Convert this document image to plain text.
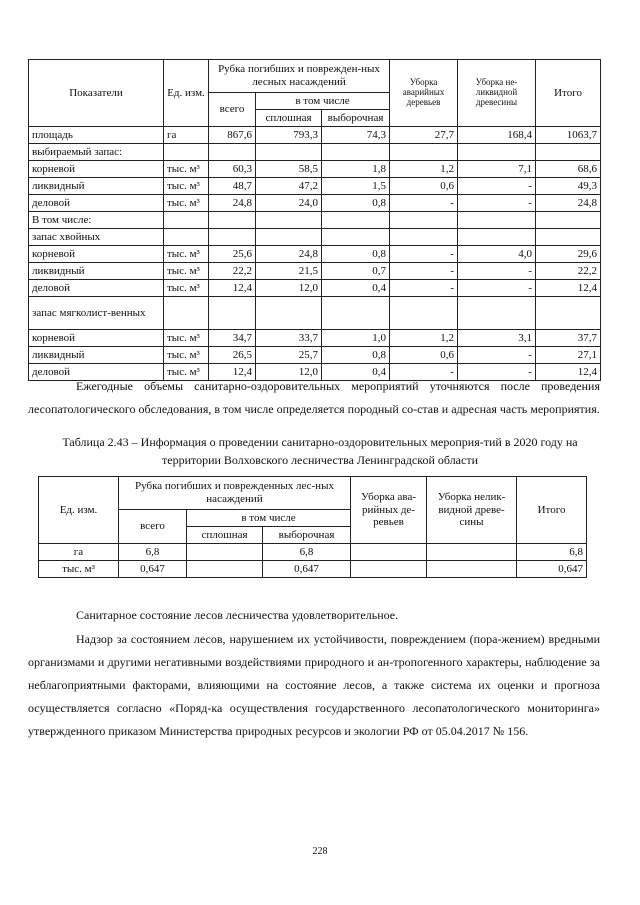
Показатели	Ед. изм.	Рубка погибших и поврежден-ных лесных насаждений			Уборка аварийных деревьев	Уборка не-ликвидной древесины	Итого
		всего	в том числе				
			сплошная	выборочная			
площадь	га	867,6	793,3	74,3	27,7	168,4	1063,7
выбираемый запас:							
корневой	тыс. м³	60,3	58,5	1,8	1,2	7,1	68,6
ликвидный	тыс. м³	48,7	47,2	1,5	0,6	-	49,3
деловой	тыс. м³	24,8	24,0	0,8	-	-	24,8
В том числе:							
запас хвойных							
корневой	тыс. м³	25,6	24,8	0,8	-	4,0	29,6
ликвидный	тыс. м³	22,2	21,5	0,7	-	-	22,2
деловой	тыс. м³	12,4	12,0	0,4	-	-	12,4
запас мягколист-венных							
корневой	тыс. м³	34,7	33,7	1,0	1,2	3,1	37,7
ликвидный	тыс. м³	26,5	25,7	0,8	0,6	-	27,1
деловой	тыс. м³	12,4	12,0	0,4	-	-	12,4

Ежегодные объемы санитарно-оздоровительных мероприятий уточняются после проведения лесопатологического обследования, в том числе определяется породный со-став и адресная часть мероприятия.

Таблица 2.43 – Информация о проведении санитарно-оздоровительных мероприя-тий в 2020 году на территории Волховского лесничества Ленинградской области

Ед. изм.	Рубка погибших и поврежденных лес-ных насаждений			Уборка ава-рийных де-ревьев	Уборка нелик-видной древе-сины	Итого
	всего	в том числе				
		сплошная	выборочная			
га	6,8		6,8			6,8
тыс. м³	0,647		0,647			0,647

Санитарное состояние лесов лесничества удовлетворительное.

Надзор за состоянием лесов, нарушением их устойчивости, повреждением (пора-жением) вредными организмами и другими негативными воздействиями природного и ан-тропогенного характеры, наблюдение за неблагоприятными факторами, влияющими на состояние лесов, а также система их оценки и прогноза осуществляется согласно «Поряд-ка осуществления государственного лесопатологического мониторинга» утвержденного приказом Министерства природных ресурсов и экологии РФ от 05.04.2017 № 156.

228
